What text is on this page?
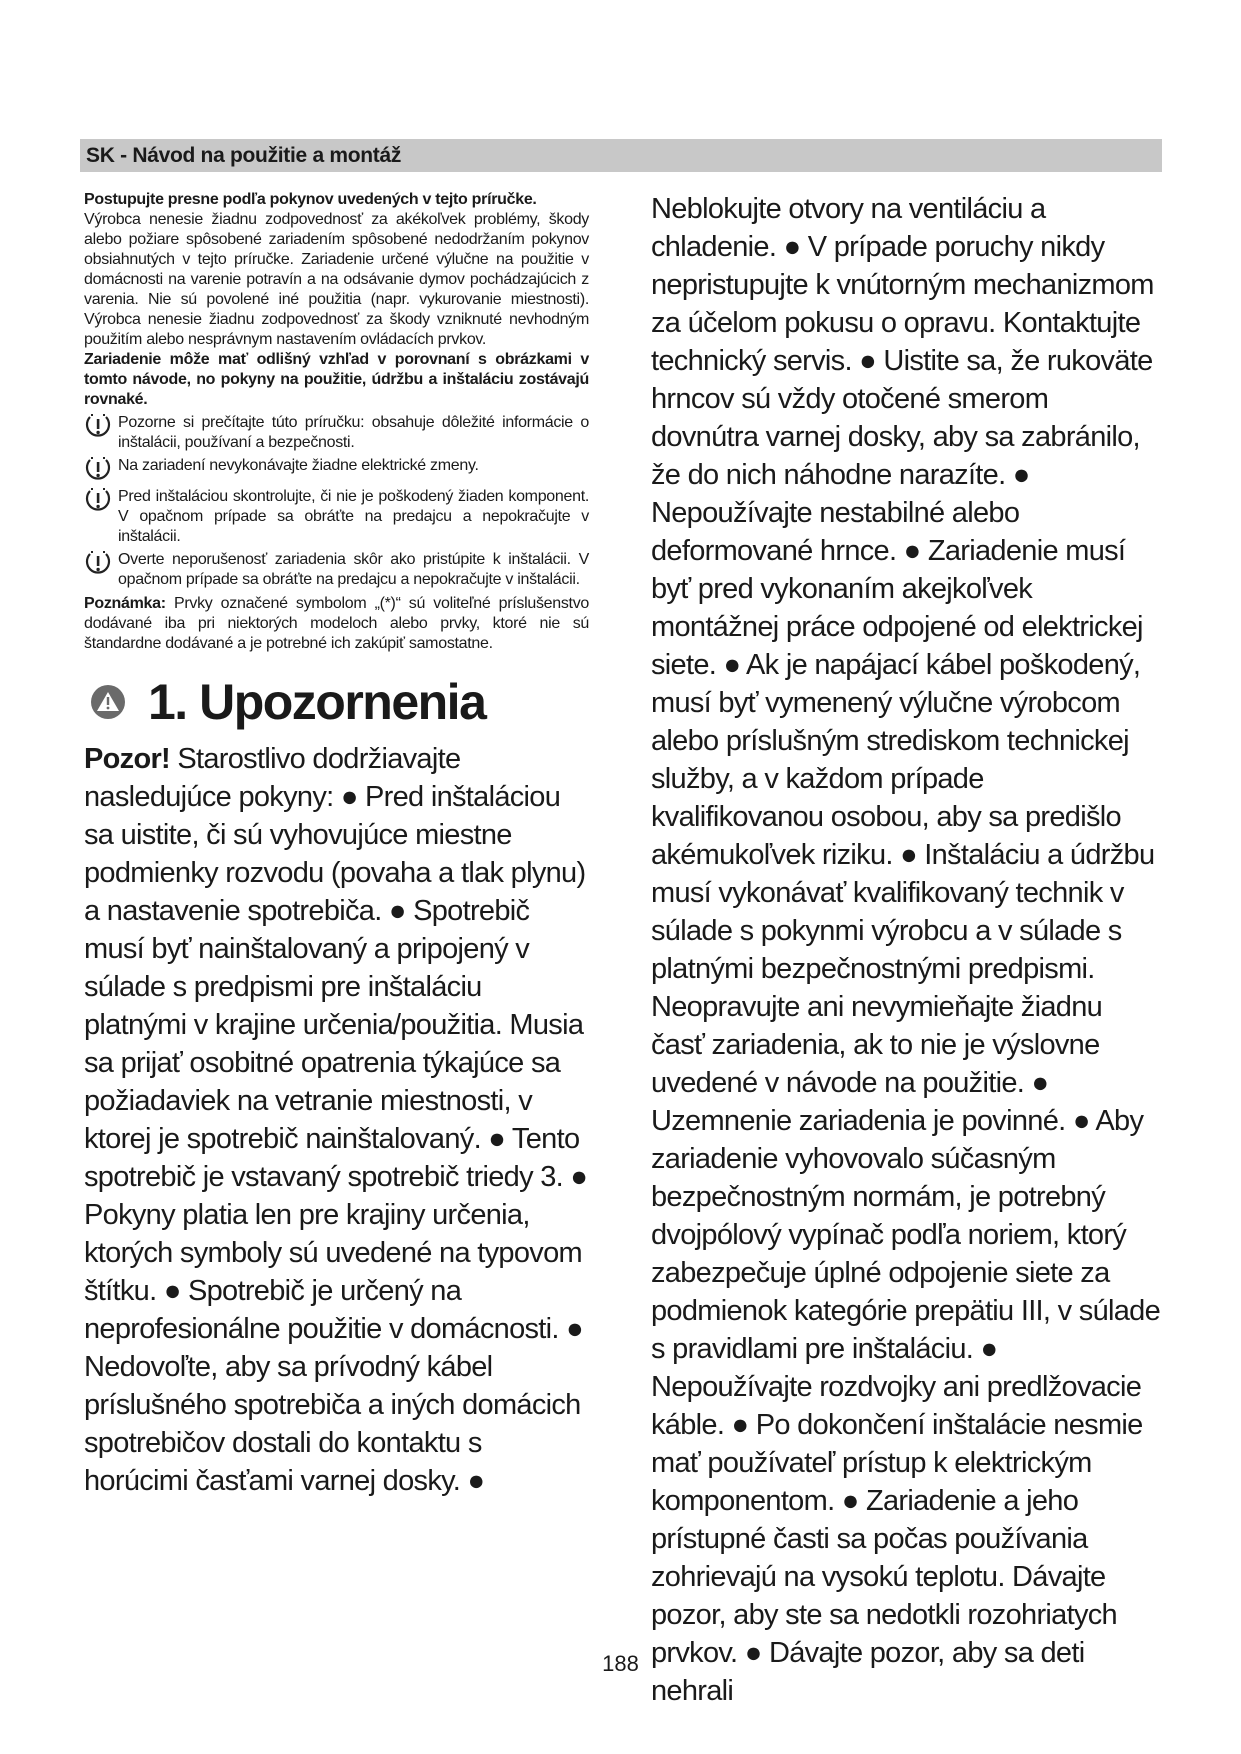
SK - Návod na použitie a montáž

Postupujte presne podľa pokynov uvedených v tejto príručke.

Výrobca nenesie žiadnu zodpovednosť za akékoľvek problémy, škody alebo požiare spôsobené zariadením spôsobené nedodržaním pokynov obsiahnutých v tejto príručke. Zariadenie určené výlučne na použitie v domácnosti na varenie potravín a na odsávanie dymov pochádzajúcich z varenia. Nie sú povolené iné použitia (napr. vykurovanie miestnosti). Výrobca nenesie žiadnu zodpovednosť za škody vzniknuté nevhodným použitím alebo nesprávnym nastavením ovládacích prvkov.

Zariadenie môže mať odlišný vzhľad v porovnaní s obrázkami v tomto návode, no pokyny na použitie, údržbu a inštaláciu zostávajú rovnaké.

Pozorne si prečítajte túto príručku: obsahuje dôležité informácie o inštalácii, používaní a bezpečnosti.

Na zariadení nevykonávajte žiadne elektrické zmeny.

Pred inštaláciou skontrolujte, či nie je poškodený žiaden komponent. V opačnom prípade sa obráťte na predajcu a nepokračujte v inštalácii.

Overte neporušenosť zariadenia skôr ako pristúpite k inštalácii. V opačnom prípade sa obráťte na predajcu a nepokračujte v inštalácii.

Poznámka: Prvky označené symbolom „(*)“ sú voliteľné príslušenstvo dodávané iba pri niektorých modeloch alebo prvky, ktoré nie sú štandardne dodávané a je potrebné ich zakúpiť samostatne.

1. Upozornenia

Pozor! Starostlivo dodržiavajte nasledujúce pokyny: ● Pred inštaláciou sa uistite, či sú vyhovujúce miestne podmienky rozvodu (povaha a tlak plynu) a nastavenie spotrebiča. ● Spotrebič musí byť nainštalovaný a pripojený v súlade s predpismi pre inštaláciu platnými v krajine určenia/použitia. Musia sa prijať osobitné opatrenia týkajúce sa požiadaviek na vetranie miestnosti, v ktorej je spotrebič nainštalovaný. ● Tento spotrebič je vstavaný spotrebič triedy 3. ● Pokyny platia len pre krajiny určenia, ktorých symboly sú uvedené na typovom štítku. ● Spotrebič je určený na neprofesionálne použitie v domácnosti. ● Nedovoľte, aby sa prívodný kábel príslušného spotrebiča a iných domácich spotrebičov dostali do kontaktu s horúcimi časťami varnej dosky. ●

Neblokujte otvory na ventiláciu a chladenie. ● V prípade poruchy nikdy nepristupujte k vnútorným mechanizmom za účelom pokusu o opravu. Kontaktujte technický servis. ● Uistite sa, že rukoväte hrncov sú vždy otočené smerom dovnútra varnej dosky, aby sa zabránilo, že do nich náhodne narazíte. ● Nepoužívajte nestabilné alebo deformované hrnce. ● Zariadenie musí byť pred vykonaním akejkoľvek montážnej práce odpojené od elektrickej siete. ● Ak je napájací kábel poškodený, musí byť vymenený výlučne výrobcom alebo príslušným strediskom technickej služby, a v každom prípade kvalifikovanou osobou, aby sa predišlo akémukoľvek riziku. ● Inštaláciu a údržbu musí vykonávať kvalifikovaný technik v súlade s pokynmi výrobcu a v súlade s platnými bezpečnostnými predpismi. Neopravujte ani nevymieňajte žiadnu časť zariadenia, ak to nie je výslovne uvedené v návode na použitie. ● Uzemnenie zariadenia je povinné. ● Aby zariadenie vyhovovalo súčasným bezpečnostným normám, je potrebný dvojpólový vypínač podľa noriem, ktorý zabezpečuje úplné odpojenie siete za podmienok kategórie prepätiu III, v súlade s pravidlami pre inštaláciu. ● Nepoužívajte rozdvojky ani predlžovacie káble. ● Po dokončení inštalácie nesmie mať používateľ prístup k elektrickým komponentom. ● Zariadenie a jeho prístupné časti sa počas používania zohrievajú na vysokú teplotu. Dávajte pozor, aby ste sa nedotkli rozohriatych prvkov. ● Dávajte pozor, aby sa deti nehrali

188
